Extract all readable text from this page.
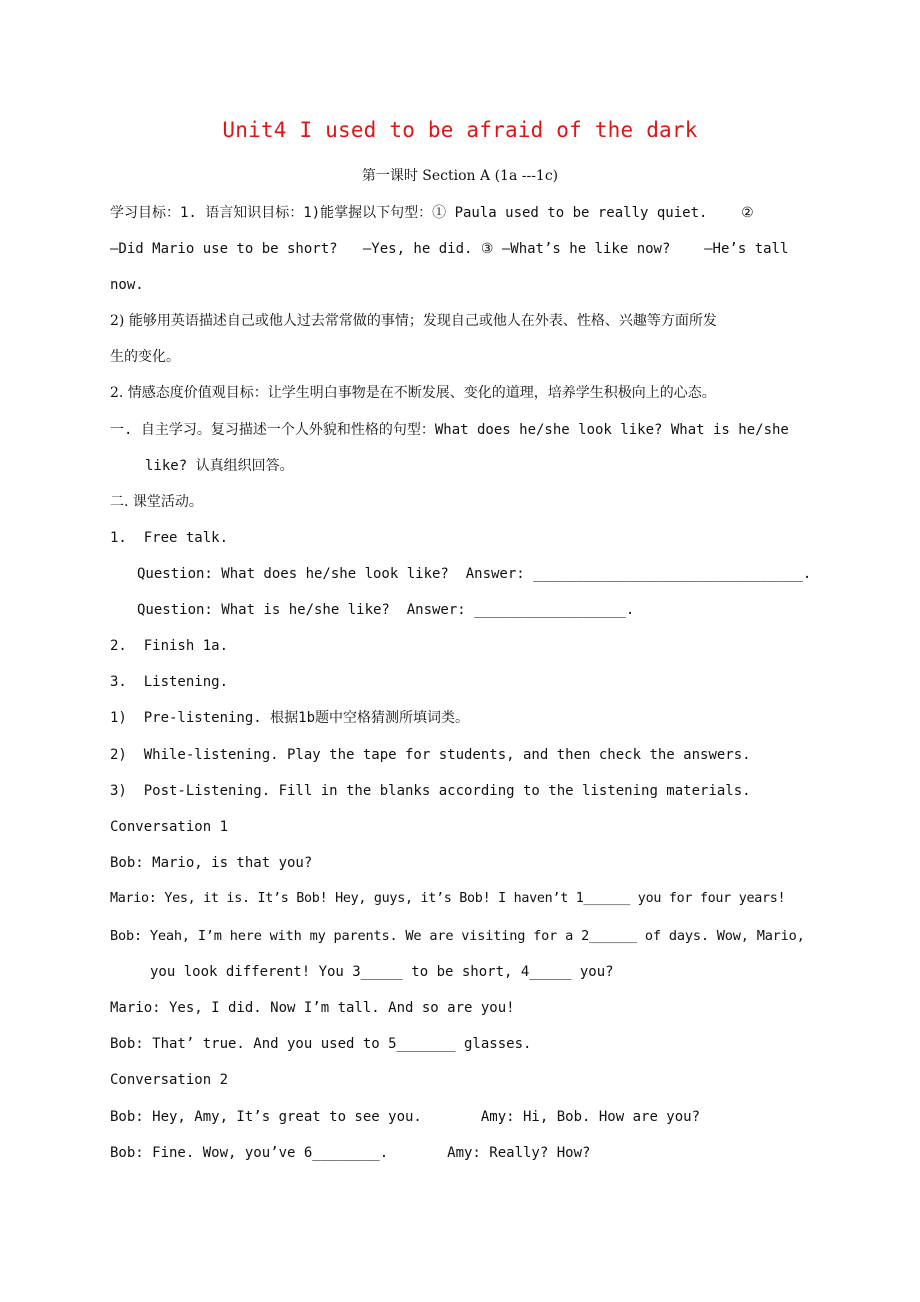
Unit4 I used to be afraid of the dark
第一课时 Section A (1a ---1c)
学习目标：1. 语言知识目标：1)能掌握以下句型：① Paula used to be really quiet.    ②
—Did Mario use to be short?   —Yes, he did. ③ —What’s he like now?    —He’s tall
now.
2) 能够用英语描述自己或他人过去常常做的事情；发现自己或他人在外表、性格、兴趣等方面所发
生的变化。
2. 情感态度价值观目标：让学生明白事物是在不断发展、变化的道理，培养学生积极向上的心态。
一. 自主学习。复习描述一个人外貌和性格的句型：What does he/she look like? What is he/she
like? 认真组织回答。
二. 课堂活动。
1.  Free talk.
Question: What does he/she look like?  Answer: ________________________________.
Question: What is he/she like?  Answer: __________________.
2.  Finish 1a.
3.  Listening.
1)  Pre-listening. 根据1b题中空格猜测所填词类。
2)  While-listening. Play the tape for students, and then check the answers.
3)  Post-Listening. Fill in the blanks according to the listening materials.
Conversation 1
Bob: Mario, is that you?
Mario: Yes, it is. It’s Bob! Hey, guys, it’s Bob! I haven’t 1______ you for four years!
Bob: Yeah, I’m here with my parents. We are visiting for a 2______ of days. Wow, Mario,
you look different! You 3_____ to be short, 4_____ you?
Mario: Yes, I did. Now I’m tall. And so are you!
Bob: That’ true. And you used to 5_______ glasses.
Conversation 2
Bob: Hey, Amy, It’s great to see you.       Amy: Hi, Bob. How are you?
Bob: Fine. Wow, you’ve 6________.       Amy: Really? How?
